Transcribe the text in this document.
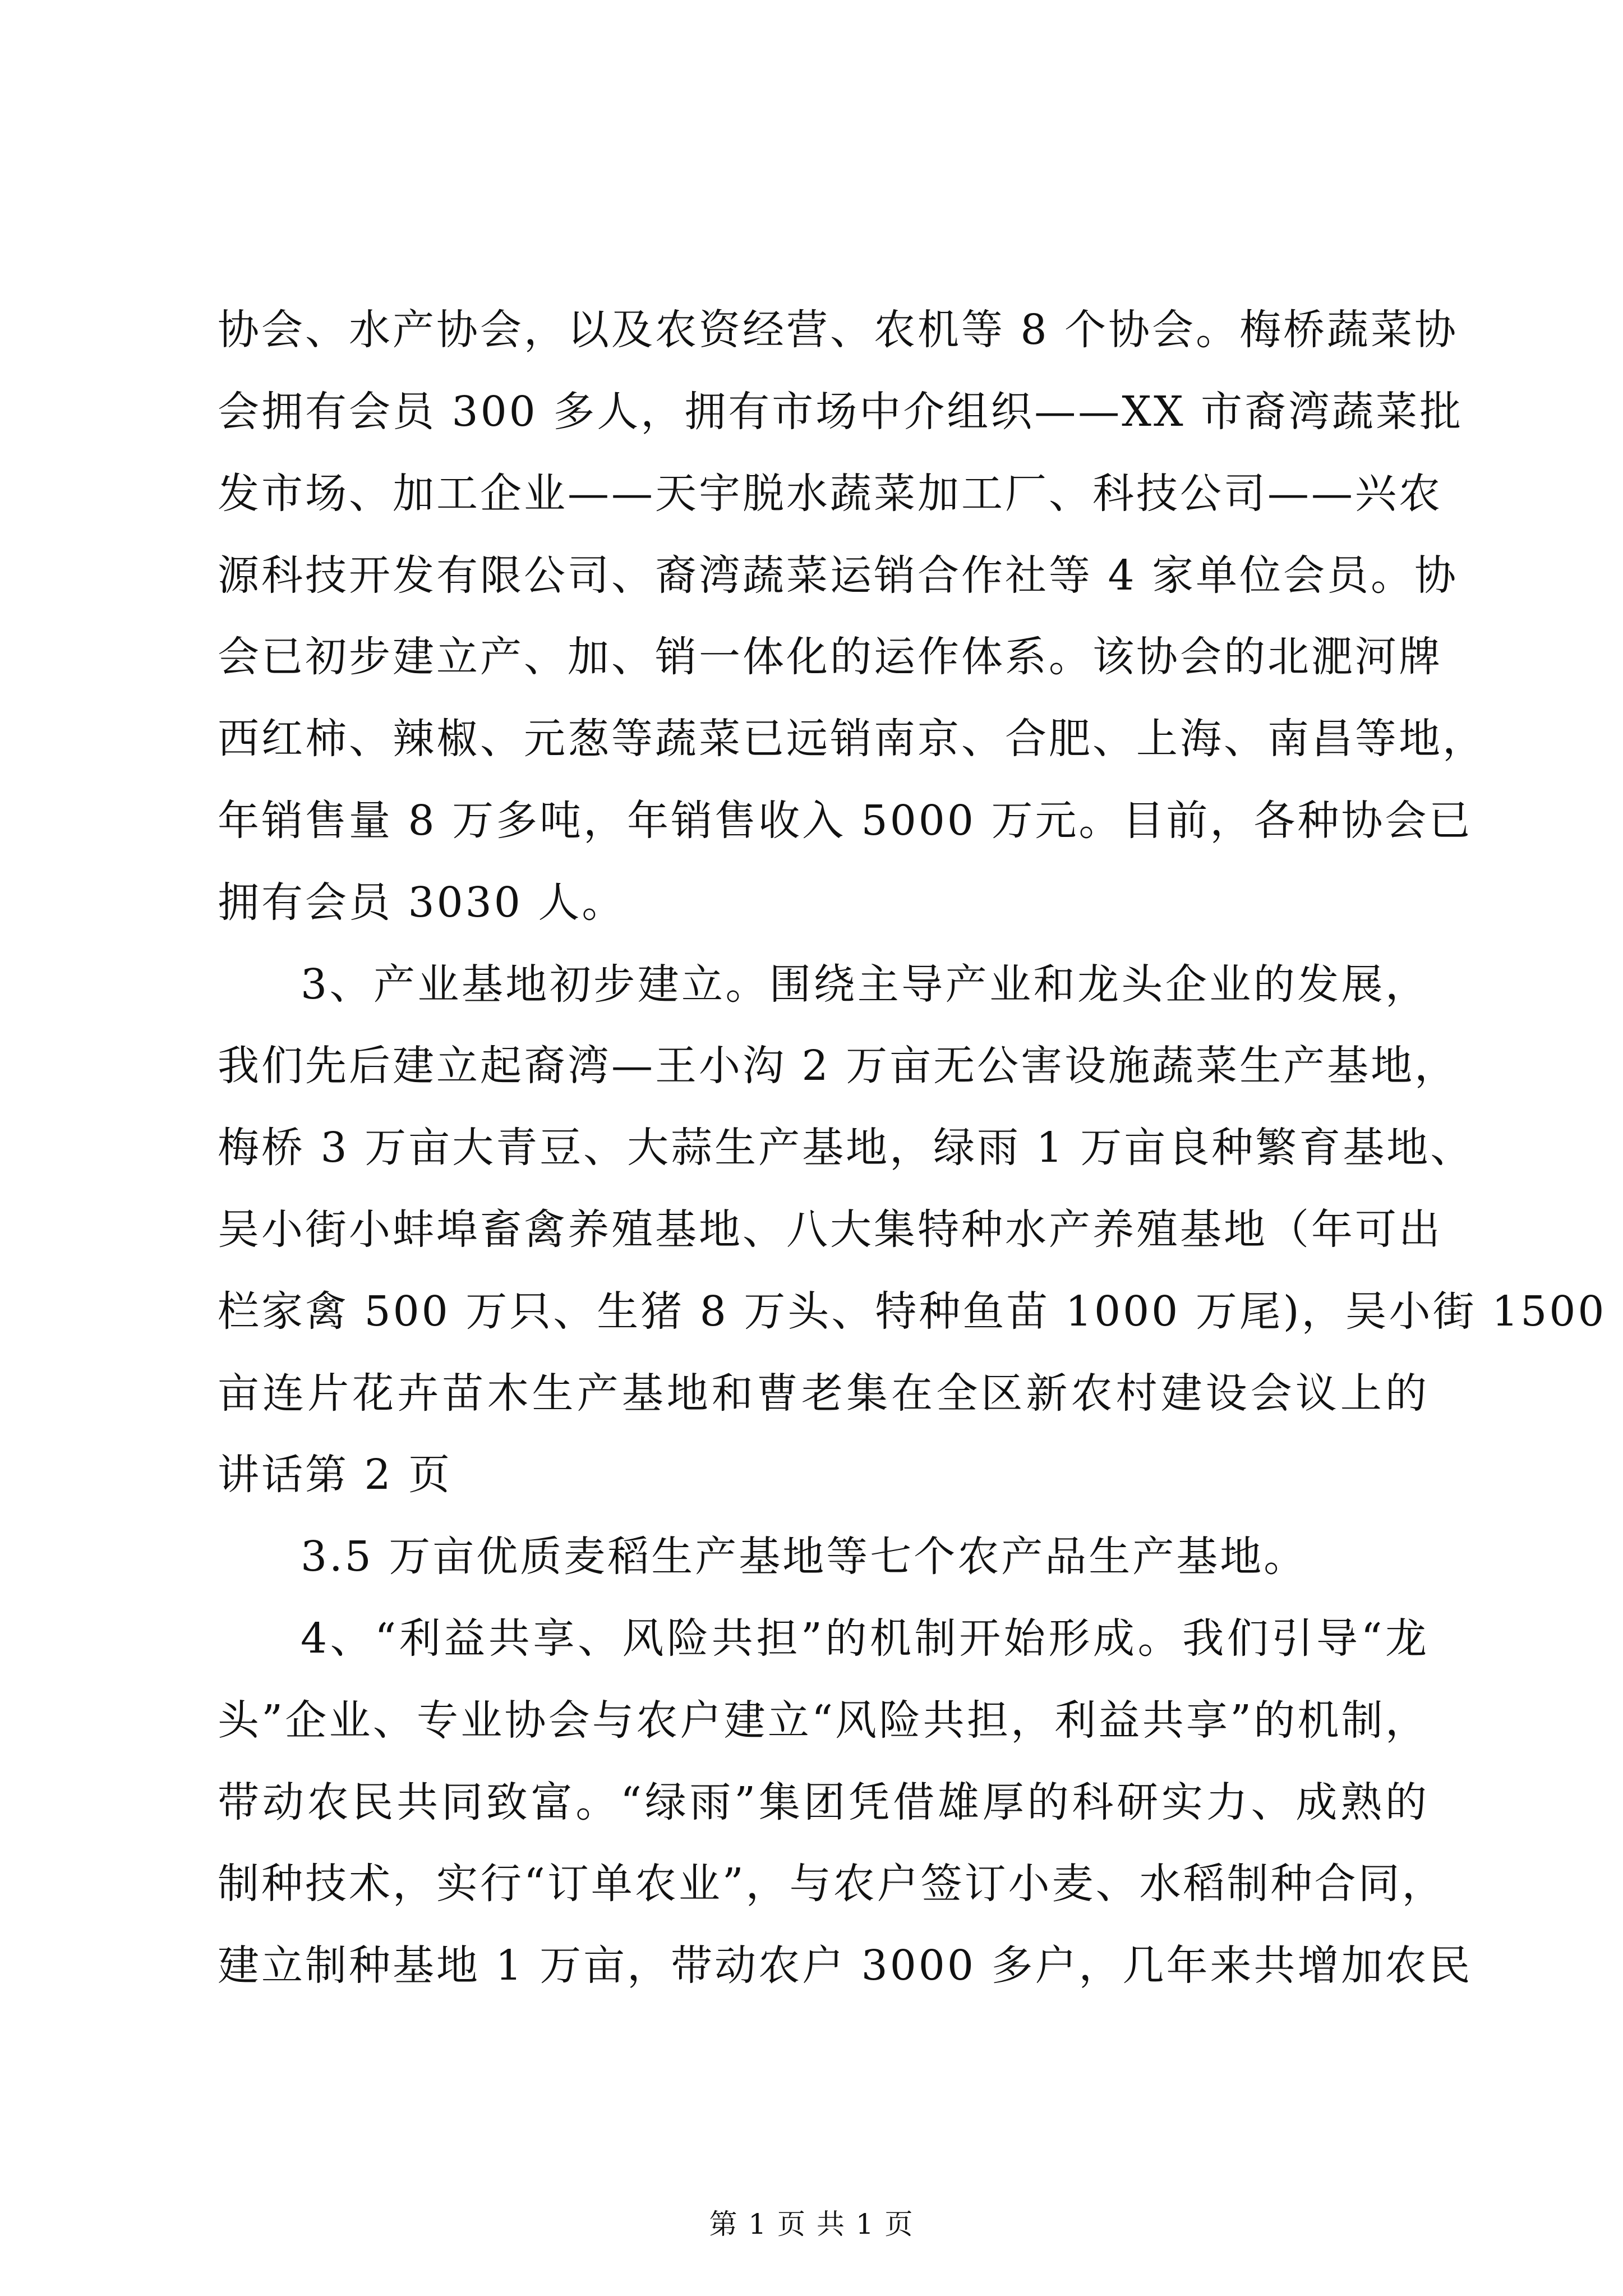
协会、水产协会，以及农资经营、农机等 8 个协会。梅桥蔬菜协

会拥有会员 300 多人，拥有市场中介组织——XX 市裔湾蔬菜批

发市场、加工企业——天宇脱水蔬菜加工厂、科技公司——兴农

源科技开发有限公司、裔湾蔬菜运销合作社等 4 家单位会员。协

会已初步建立产、加、销一体化的运作体系。该协会的北淝河牌

西红柿、辣椒、元葱等蔬菜已远销南京、合肥、上海、南昌等地，

年销售量 8 万多吨，年销售收入 5000 万元。目前，各种协会已

拥有会员 3030 人。

3、产业基地初步建立。围绕主导产业和龙头企业的发展，

我们先后建立起裔湾—王小沟 2 万亩无公害设施蔬菜生产基地，

梅桥 3 万亩大青豆、大蒜生产基地，绿雨 1 万亩良种繁育基地、

吴小街小蚌埠畜禽养殖基地、八大集特种水产养殖基地（年可出

栏家禽 500 万只、生猪 8 万头、特种鱼苗 1000 万尾)，吴小街 1500

亩连片花卉苗木生产基地和曹老集在全区新农村建设会议上的

讲话第 2 页

3.5 万亩优质麦稻生产基地等七个农产品生产基地。

4、“利益共享、风险共担”的机制开始形成。我们引导“龙

头”企业、专业协会与农户建立“风险共担，利益共享”的机制，

带动农民共同致富。“绿雨”集团凭借雄厚的科研实力、成熟的

制种技术，实行“订单农业”，与农户签订小麦、水稻制种合同，

建立制种基地 1 万亩，带动农户 3000 多户，几年来共增加农民

第 1 页 共 1 页
